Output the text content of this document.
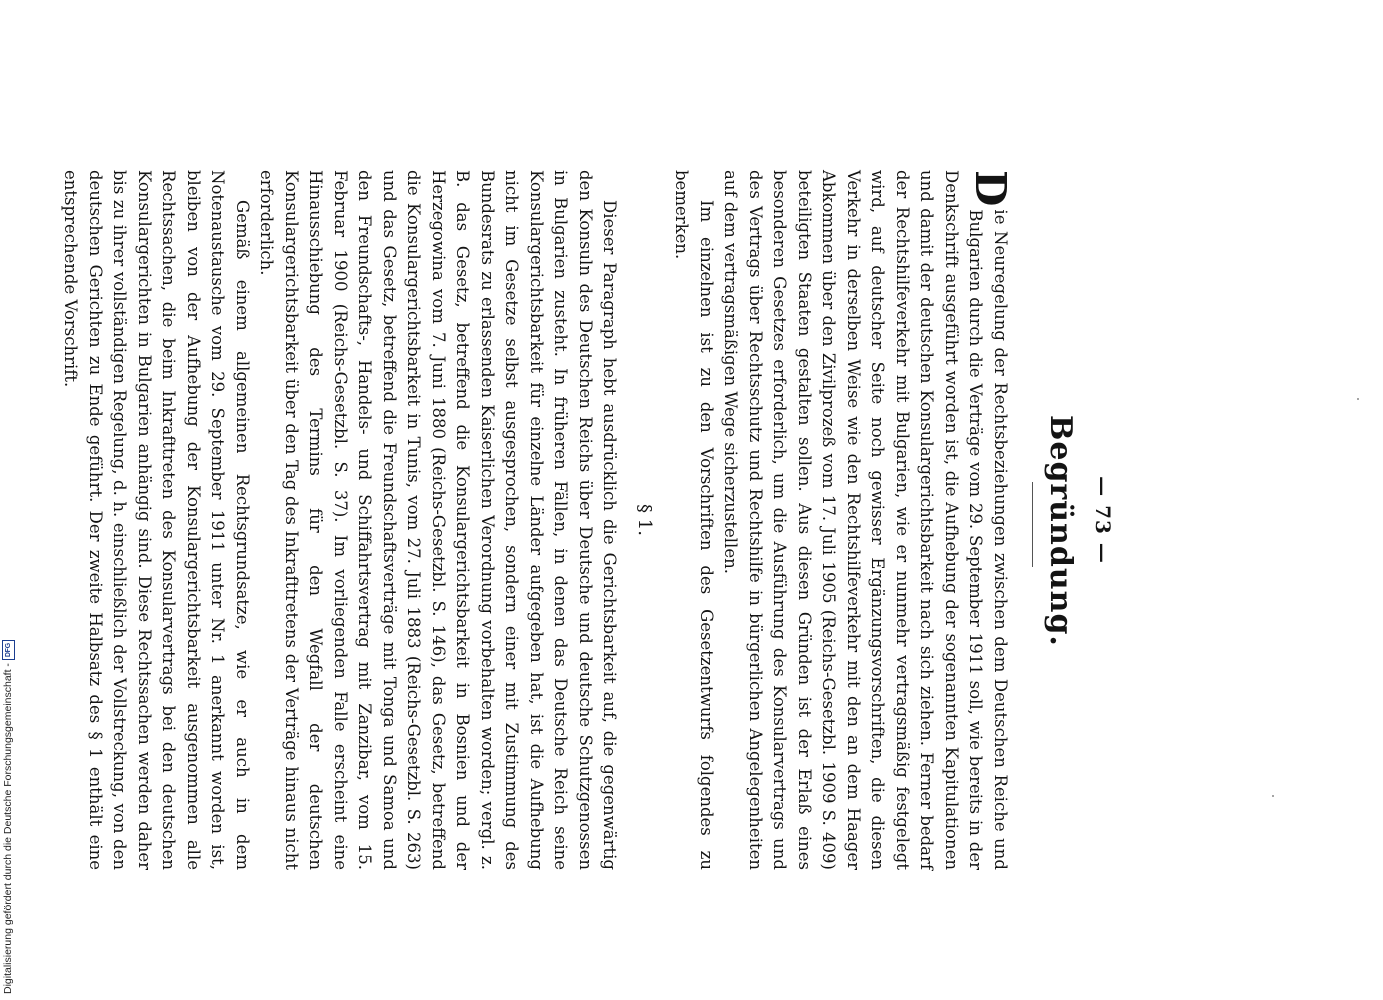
— 73 —
Begründung.

D
ie Neuregelung der Rechtsbeziehungen zwischen dem Deutschen Reiche und Bulgarien durch die Verträge vom 29. September 1911 soll, wie bereits in der Denkschrift ausgeführt worden ist, die Aufhebung der sogenannten Kapitulationen und damit der deutschen Konsulargerichtsbarkeit nach sich ziehen. Ferner bedarf der Rechtshilfeverkehr mit Bulgarien, wie er nunmehr vertragsmäßig festgelegt wird, auf deutscher Seite noch gewisser Ergänzungsvorschriften, die diesen Verkehr in derselben Weise wie den Rechtshilfeverkehr mit den an dem Haager Abkommen über den Zivilprozeß vom 17. Juli 1905 (Reichs-Gesetzbl. 1909 S. 409) beteiligten Staaten gestalten sollen. Aus diesen Gründen ist der Erlaß eines besonderen Gesetzes erforderlich, um die Ausführung des Konsularvertrags und des Vertrags über Rechtsschutz und Rechtshilfe in bürgerlichen Angelegenheiten auf dem vertragsmäßigen Wege sicherzustellen.

Im einzelnen ist zu den Vorschriften des Gesetzentwurfs folgendes zu bemerken.

§ 1.

Dieser Paragraph hebt ausdrücklich die Gerichtsbarkeit auf, die gegenwärtig den Konsuln des Deutschen Reichs über Deutsche und deutsche Schutzgenossen in Bulgarien zusteht. In früheren Fällen, in denen das Deutsche Reich seine Konsulargerichtsbarkeit für einzelne Länder aufgegeben hat, ist die Aufhebung nicht im Gesetze selbst ausgesprochen, sondern einer mit Zustimmung des Bundesrats zu erlassenden Kaiserlichen Verordnung vorbehalten worden; vergl. z. B. das Gesetz, betreffend die Konsulargerichtsbarkeit in Bosnien und der Herzegowina vom 7. Juni 1880 (Reichs-Gesetzbl. S. 146), das Gesetz, betreffend die Konsulargerichtsbarkeit in Tunis, vom 27. Juli 1883 (Reichs-Gesetzbl. S. 263) und das Gesetz, betreffend die Freundschaftsverträge mit Tonga und Samoa und den Freundschafts-, Handels- und Schiffahrtsvertrag mit Zanzibar, vom 15. Februar 1900 (Reichs-Gesetzbl. S. 37). Im vorliegenden Falle erscheint eine Hinausschiebung des Termins für den Wegfall der deutschen Konsulargerichtsbarkeit über den Tag des Inkrafttretens der Verträge hinaus nicht erforderlich.

Gemäß einem allgemeinen Rechtsgrundsatze, wie er auch in dem Notenaustausche vom 29. September 1911 unter Nr. 1 anerkannt worden ist, bleiben von der Aufhebung der Konsulargerichtsbarkeit ausgenommen alle Rechtssachen, die beim Inkrafttreten des Konsularvertrags bei den deutschen Konsulargerichten in Bulgarien anhängig sind. Diese Rechtssachen werden daher bis zu ihrer vollständigen Regelung, d. h. einschließlich der Vollstreckung, von den deutschen Gerichten zu Ende geführt. Der zweite Halbsatz des § 1 enthält eine entsprechende Vorschrift.

Digitalisierung gefördert durch die Deutsche Forschungsgemeinschaft -
DFG
